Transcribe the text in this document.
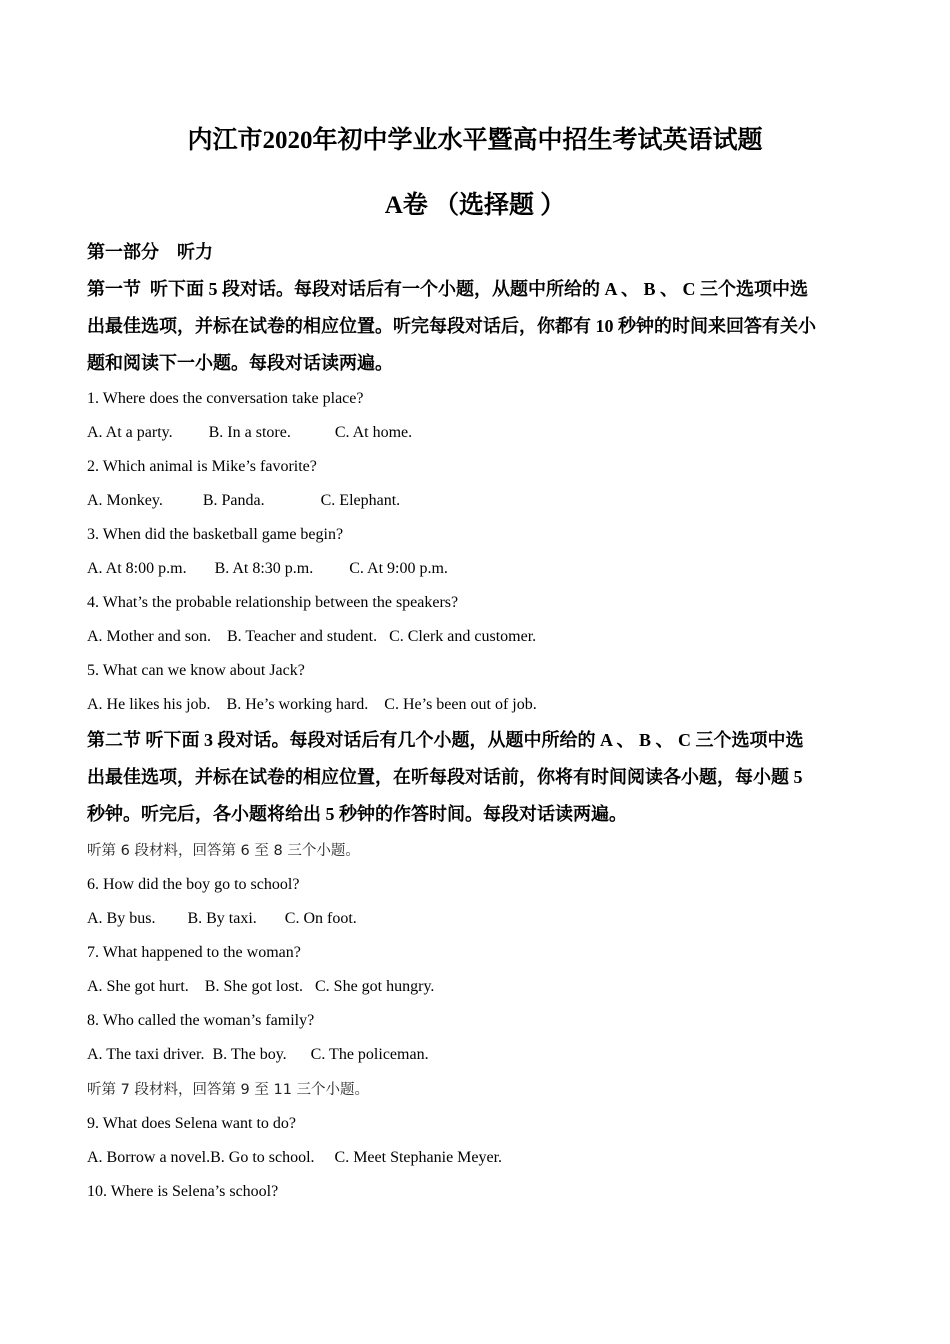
内江市2020年初中学业水平暨高中招生考试英语试题
A卷 （选择题 ）
第一部分    听力
第一节  听下面 5 段对话。每段对话后有一个小题，从题中所给的 A 、 B 、 C 三个选项中选
出最佳选项，并标在试卷的相应位置。听完每段对话后，你都有 10 秒钟的时间来回答有关小
题和阅读下一小题。每段对话读两遍。
1. Where does the conversation take place?
A. At a party.         B. In a store.           C. At home.
2. Which animal is Mike’s favorite?
A. Monkey.          B. Panda.              C. Elephant.
3. When did the basketball game begin?
A. At 8:00 p.m.       B. At 8:30 p.m.         C. At 9:00 p.m.
4. What’s the probable relationship between the speakers?
A. Mother and son.    B. Teacher and student.   C. Clerk and customer.
5. What can we know about Jack?
A. He likes his job.    B. He’s working hard.    C. He’s been out of job.
第二节 听下面 3 段对话。每段对话后有几个小题，从题中所给的 A 、 B 、 C 三个选项中选
出最佳选项，并标在试卷的相应位置，在听每段对话前，你将有时间阅读各小题，每小题 5
秒钟。听完后，各小题将给出 5 秒钟的作答时间。每段对话读两遍。
听第 6 段材料，回答第 6 至 8 三个小题。
6. How did the boy go to school?
A. By bus.        B. By taxi.       C. On foot.
7. What happened to the woman?
A. She got hurt.    B. She got lost.   C. She got hungry.
8. Who called the woman’s family?
A. The taxi driver.  B. The boy.      C. The policeman.
听第 7 段材料，回答第 9 至 11 三个小题。
9. What does Selena want to do?
A. Borrow a novel.B. Go to school.     C. Meet Stephanie Meyer.
10. Where is Selena’s school?
